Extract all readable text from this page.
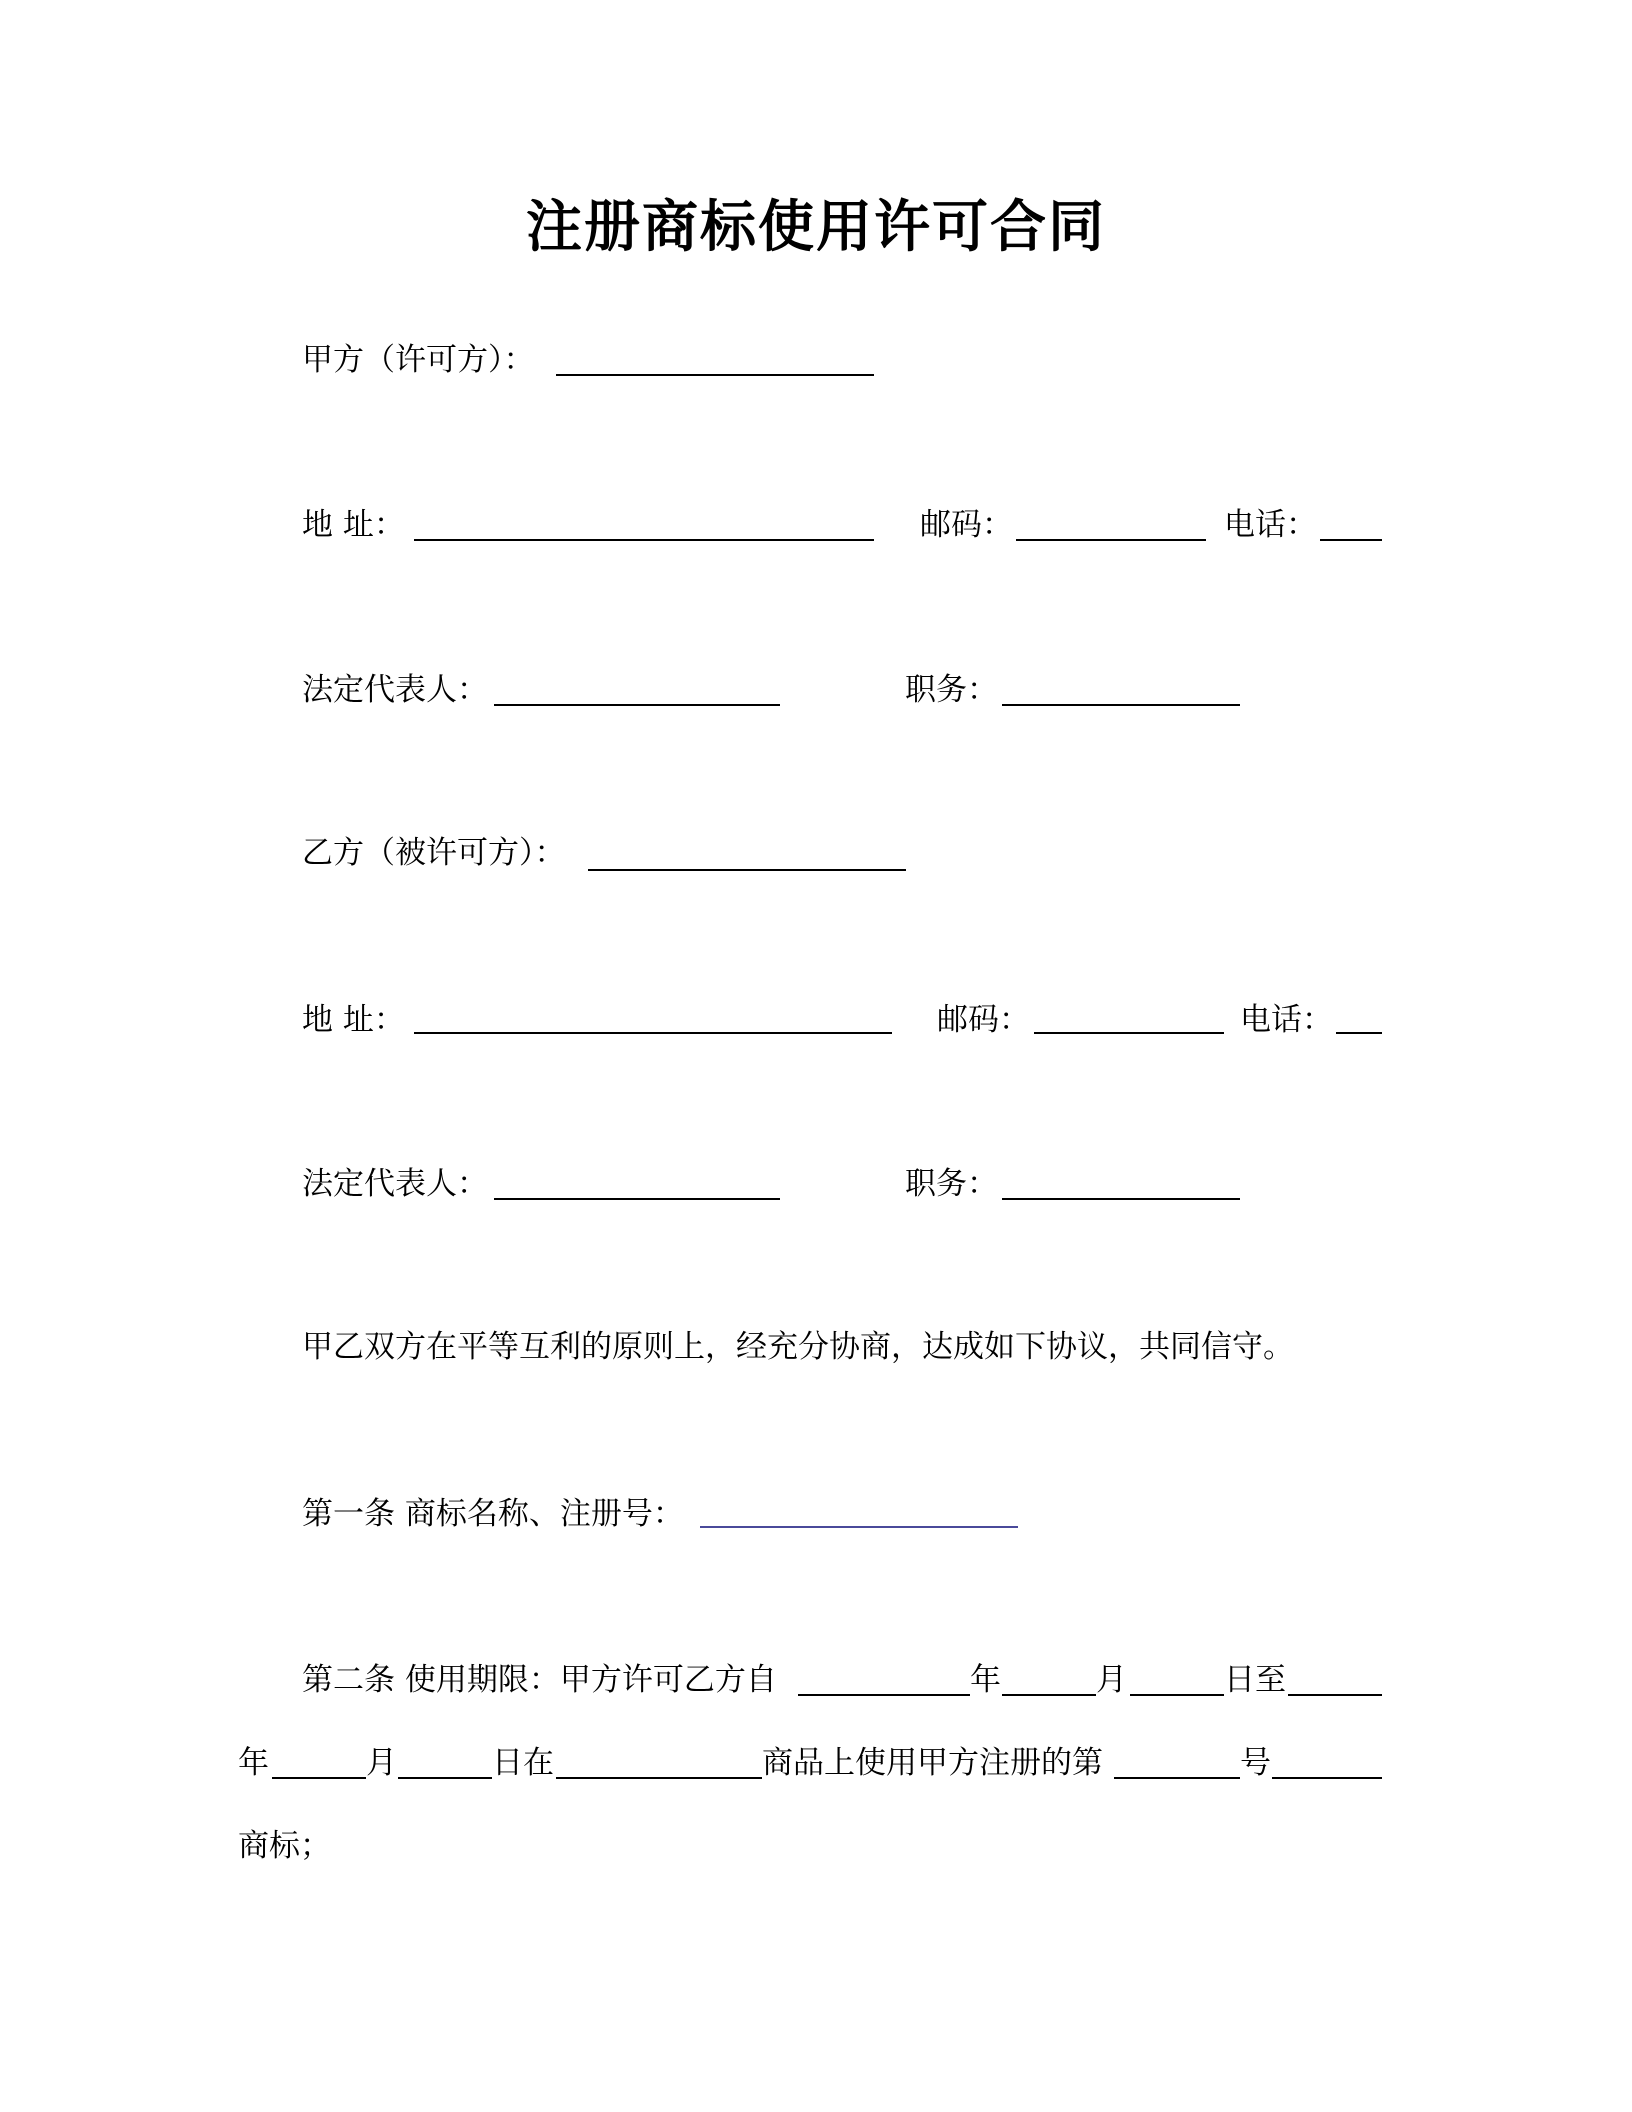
注册商标使用许可合同
甲方（许可方）：
地 址：	邮码：	电话：
法定代表人：	职务：
乙方（被许可方）：
地 址：	邮码：	电话：
法定代表人：	职务：
甲乙双方在平等互利的原则上，经充分协商，达成如下协议，共同信守。
第一条 商标名称、注册号：
第二条 使用期限：甲方许可乙方自	年	月	日至
年	月	日在	商品上使用甲方注册的第	号
商标；
